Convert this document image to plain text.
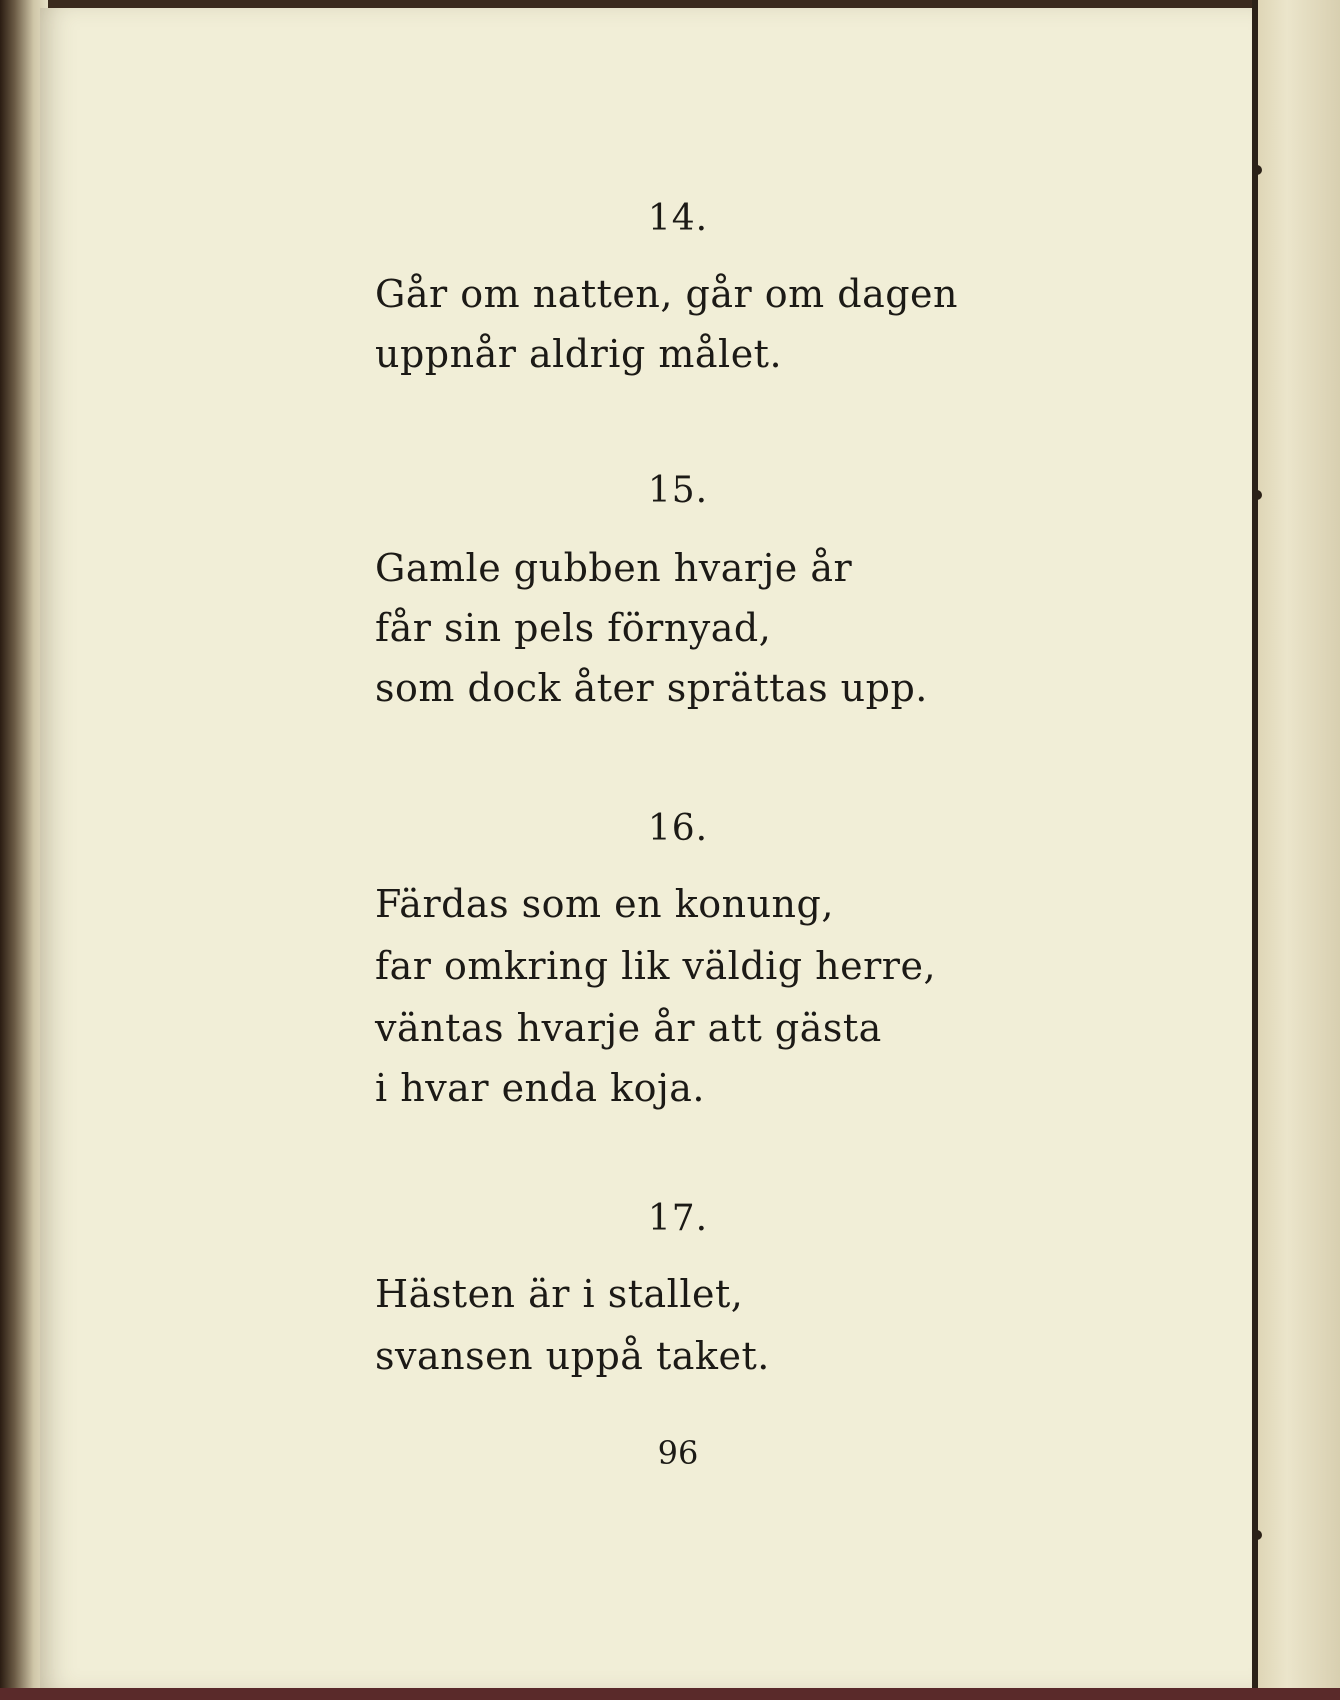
14.
Går om natten, går om dagen
uppnår aldrig målet.
15.
Gamle gubben hvarje år
får sin pels förnyad,
som dock åter sprättas upp.
16.
Färdas som en konung,
far omkring lik väldig herre,
väntas hvarje år att gästa
i hvar enda koja.
17.
Hästen är i stallet,
svansen uppå taket.
96
